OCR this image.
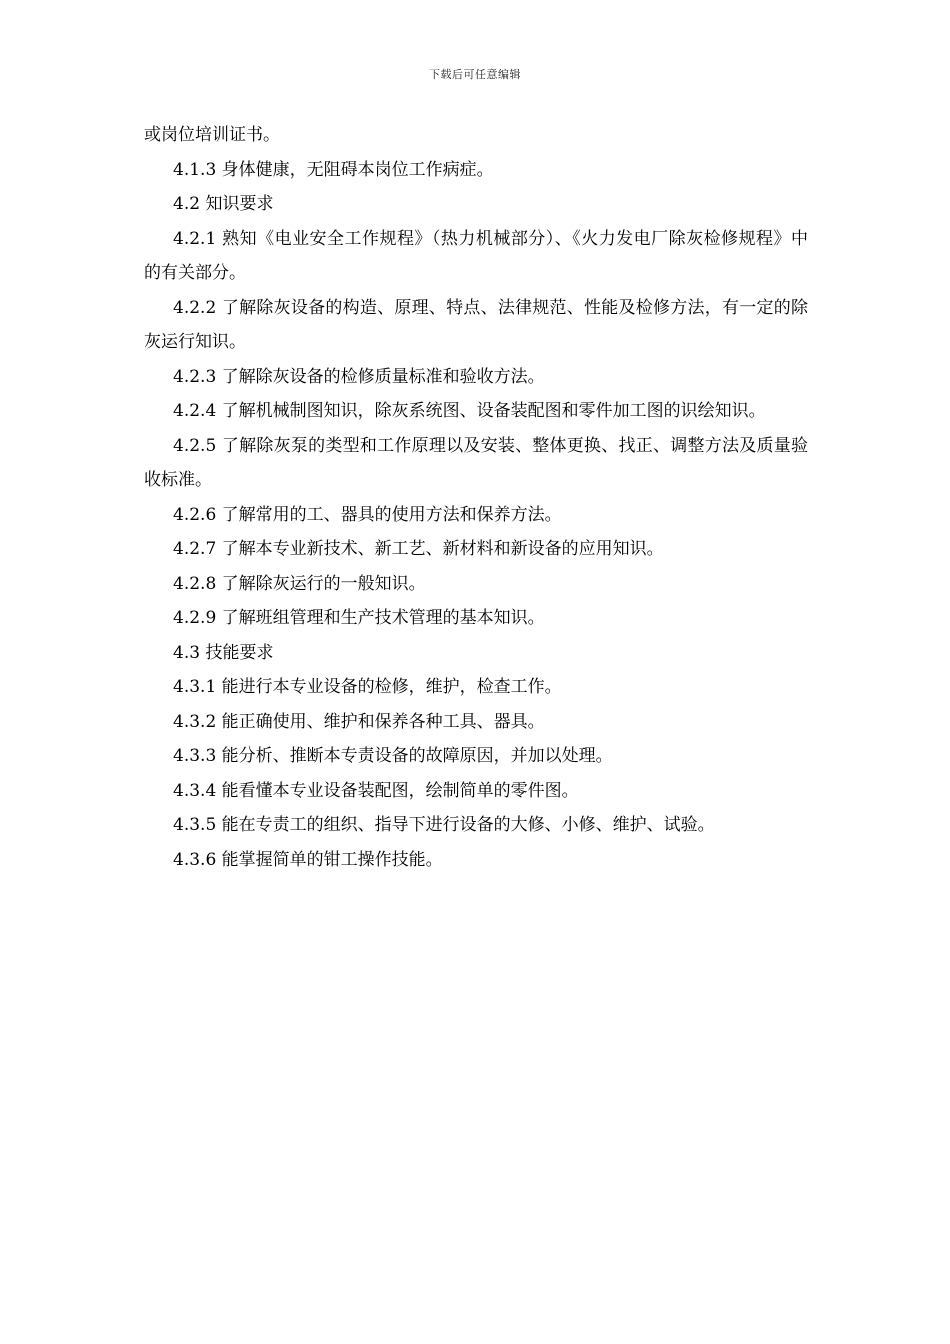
下载后可任意编辑

或岗位培训证书。

4.1.3 身体健康，无阻碍本岗位工作病症。

4.2 知识要求

4.2.1 熟知《电业安全工作规程》（热力机械部分）、《火力发电厂除灰检修规程》中的有关部分。

4.2.2 了解除灰设备的构造、原理、特点、法律规范、性能及检修方法，有一定的除灰运行知识。

4.2.3 了解除灰设备的检修质量标准和验收方法。

4.2.4 了解机械制图知识，除灰系统图、设备装配图和零件加工图的识绘知识。

4.2.5 了解除灰泵的类型和工作原理以及安装、整体更换、找正、调整方法及质量验收标准。

4.2.6 了解常用的工、器具的使用方法和保养方法。

4.2.7 了解本专业新技术、新工艺、新材料和新设备的应用知识。

4.2.8 了解除灰运行的一般知识。

4.2.9 了解班组管理和生产技术管理的基本知识。

4.3 技能要求

4.3.1 能进行本专业设备的检修，维护，检查工作。

4.3.2 能正确使用、维护和保养各种工具、器具。

4.3.3 能分析、推断本专责设备的故障原因，并加以处理。

4.3.4 能看懂本专业设备装配图，绘制简单的零件图。

4.3.5 能在专责工的组织、指导下进行设备的大修、小修、维护、试验。

4.3.6 能掌握简单的钳工操作技能。
